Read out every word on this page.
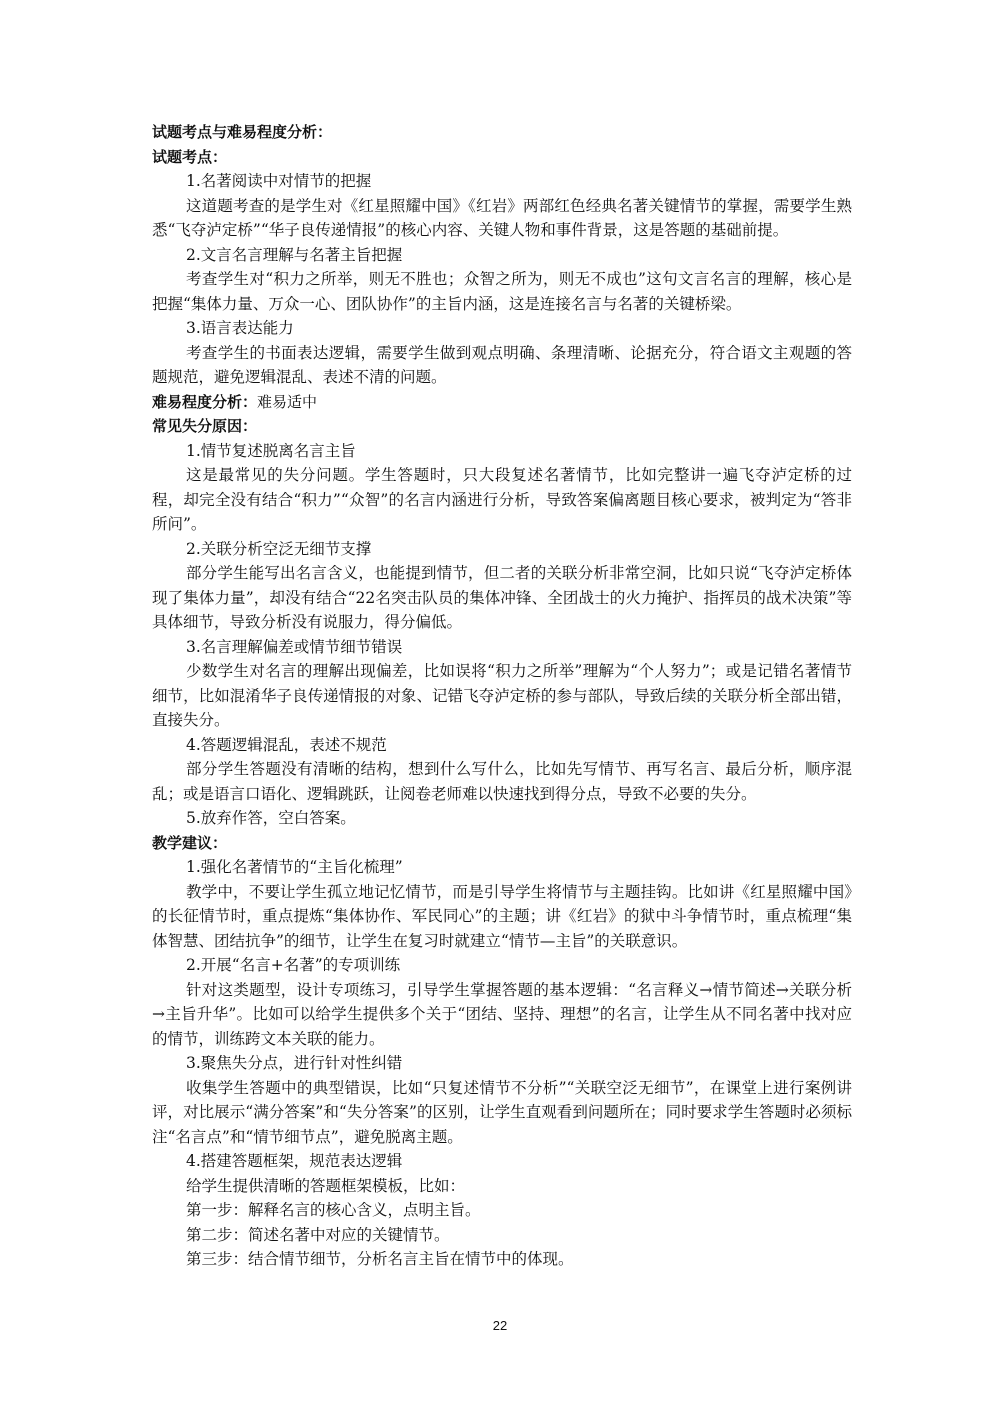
试题考点与难易程度分析：
试题考点：
1.名著阅读中对情节的把握
这道题考查的是学生对《红星照耀中国》《红岩》两部红色经典名著关键情节的掌握，需要学生熟悉“飞夺泸定桥”“华子良传递情报”的核心内容、关键人物和事件背景，这是答题的基础前提。
2.文言名言理解与名著主旨把握
考查学生对“积力之所举，则无不胜也；众智之所为，则无不成也”这句文言名言的理解，核心是把握“集体力量、万众一心、团队协作”的主旨内涵，这是连接名言与名著的关键桥梁。
3.语言表达能力
考查学生的书面表达逻辑，需要学生做到观点明确、条理清晰、论据充分，符合语文主观题的答题规范，避免逻辑混乱、表述不清的问题。
难易程度分析：难易适中
常见失分原因：
1.情节复述脱离名言主旨
这是最常见的失分问题。学生答题时，只大段复述名著情节，比如完整讲一遍飞夺泸定桥的过程，却完全没有结合“积力”“众智”的名言内涵进行分析，导致答案偏离题目核心要求，被判定为“答非所问”。
2.关联分析空泛无细节支撑
部分学生能写出名言含义，也能提到情节，但二者的关联分析非常空洞，比如只说“飞夺泸定桥体现了集体力量”，却没有结合“22名突击队员的集体冲锋、全团战士的火力掩护、指挥员的战术决策”等具体细节，导致分析没有说服力，得分偏低。
3.名言理解偏差或情节细节错误
少数学生对名言的理解出现偏差，比如误将“积力之所举”理解为“个人努力”；或是记错名著情节细节，比如混淆华子良传递情报的对象、记错飞夺泸定桥的参与部队，导致后续的关联分析全部出错，直接失分。
4.答题逻辑混乱，表述不规范
部分学生答题没有清晰的结构，想到什么写什么，比如先写情节、再写名言、最后分析，顺序混乱；或是语言口语化、逻辑跳跃，让阅卷老师难以快速找到得分点，导致不必要的失分。
5.放弃作答，空白答案。
教学建议：
1.强化名著情节的“主旨化梳理”
教学中，不要让学生孤立地记忆情节，而是引导学生将情节与主题挂钩。比如讲《红星照耀中国》的长征情节时，重点提炼“集体协作、军民同心”的主题；讲《红岩》的狱中斗争情节时，重点梳理“集体智慧、团结抗争”的细节，让学生在复习时就建立“情节—主旨”的关联意识。
2.开展“名言+名著”的专项训练
针对这类题型，设计专项练习，引导学生掌握答题的基本逻辑：“名言释义→情节简述→关联分析→主旨升华”。比如可以给学生提供多个关于“团结、坚持、理想”的名言，让学生从不同名著中找对应的情节，训练跨文本关联的能力。
3.聚焦失分点，进行针对性纠错
收集学生答题中的典型错误，比如“只复述情节不分析”“关联空泛无细节”，在课堂上进行案例讲评，对比展示“满分答案”和“失分答案”的区别，让学生直观看到问题所在；同时要求学生答题时必须标注“名言点”和“情节细节点”，避免脱离主题。
4.搭建答题框架，规范表达逻辑
给学生提供清晰的答题框架模板，比如：
第一步：解释名言的核心含义，点明主旨。
第二步：简述名著中对应的关键情节。
第三步：结合情节细节，分析名言主旨在情节中的体现。
22
